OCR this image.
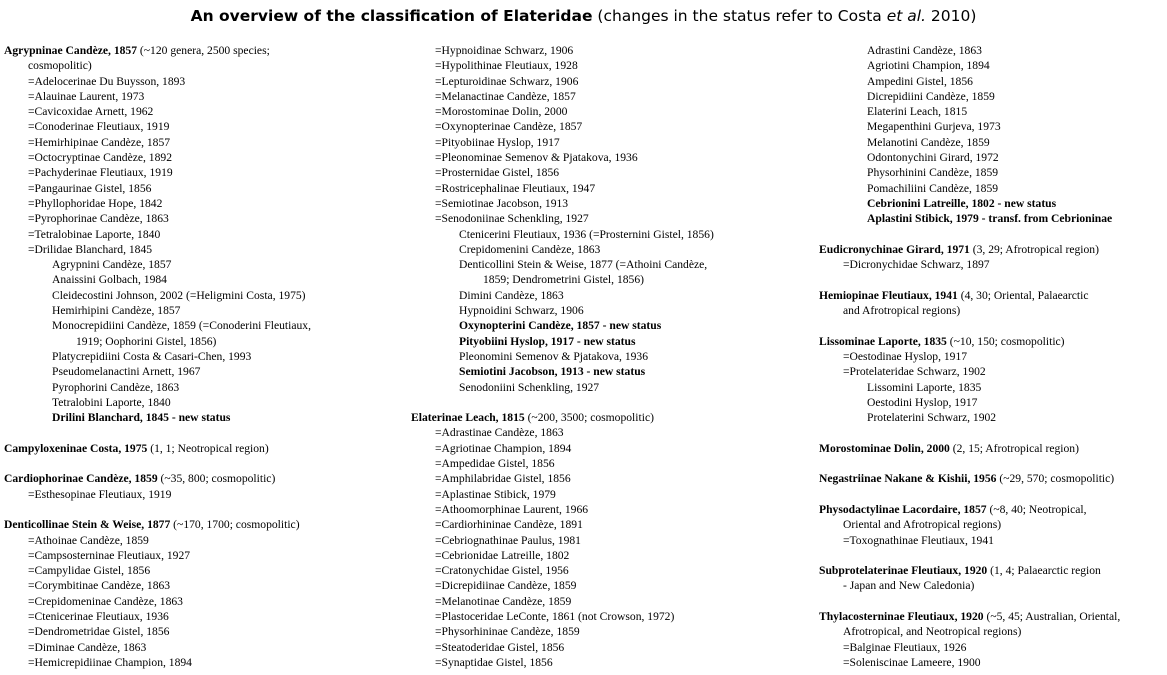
An overview of the classification of Elateridae (changes in the status refer to Costa et al. 2010)
Agrypninae Candèze, 1857 (~120 genera, 2500 species;
cosmopolitic)
=Adelocerinae Du Buysson, 1893
=Alauinae Laurent, 1973
=Cavicoxidae Arnett, 1962
=Conoderinae Fleutiaux, 1919
=Hemirhipinae Candèze, 1857
=Octocryptinae Candèze, 1892
=Pachyderinae Fleutiaux, 1919
=Pangaurinae Gistel, 1856
=Phyllophoridae Hope, 1842
=Pyrophorinae Candèze, 1863
=Tetralobinae Laporte, 1840
=Drilidae Blanchard, 1845
Agrypnini Candèze, 1857
Anaissini Golbach, 1984
Cleidecostini Johnson, 2002 (=Heligmini Costa, 1975)
Hemirhipini Candèze, 1857
Monocrepidiini Candèze, 1859 (=Conoderini Fleutiaux,
1919; Oophorini Gistel, 1856)
Platycrepidiini Costa & Casari-Chen, 1993
Pseudomelanactini Arnett, 1967
Pyrophorini Candèze, 1863
Tetralobini Laporte, 1840
Drilini Blanchard, 1845 - new status
Campyloxeninae Costa, 1975 (1, 1; Neotropical region)
Cardiophorinae Candèze, 1859 (~35, 800; cosmopolitic)
=Esthesopinae Fleutiaux, 1919
Denticollinae Stein & Weise, 1877 (~170, 1700; cosmopolitic)
=Athoinae Candèze, 1859
=Campsosterninae Fleutiaux, 1927
=Campylidae Gistel, 1856
=Corymbitinae Candèze, 1863
=Crepidomeninae Candèze, 1863
=Ctenicerinae Fleutiaux, 1936
=Dendrometridae Gistel, 1856
=Diminae Candèze, 1863
=Hemicrepidiinae Champion, 1894
=Hypnoidinae Schwarz, 1906
=Hypolithinae Fleutiaux, 1928
=Lepturoidinae Schwarz, 1906
=Melanactinae Candèze, 1857
=Morostominae Dolin, 2000
=Oxynopterinae Candèze, 1857
=Pityobiinae Hyslop, 1917
=Pleonominae Semenov & Pjatakova, 1936
=Prosternidae Gistel, 1856
=Rostricephalinae Fleutiaux, 1947
=Semiotinae Jacobson, 1913
=Senodoniinae Schenkling, 1927
Ctenicerini Fleutiaux, 1936 (=Prosternini Gistel, 1856)
Crepidomenini Candèze, 1863
Denticollini Stein & Weise, 1877 (=Athoini Candèze,
1859; Dendrometrini Gistel, 1856)
Dimini Candèze, 1863
Hypnoidini Schwarz, 1906
Oxynopterini Candèze, 1857 - new status
Pityobiini Hyslop, 1917 - new status
Pleonomini Semenov & Pjatakova, 1936
Semiotini Jacobson, 1913 - new status
Senodoniini Schenkling, 1927
Elaterinae Leach, 1815 (~200, 3500; cosmopolitic)
=Adrastinae Candèze, 1863
=Agriotinae Champion, 1894
=Ampedidae Gistel, 1856
=Amphilabridae Gistel, 1856
=Aplastinae Stibick, 1979
=Athoomorphinae Laurent, 1966
=Cardiorhininae Candèze, 1891
=Cebriognathinae Paulus, 1981
=Cebrionidae Latreille, 1802
=Cratonychidae Gistel, 1956
=Dicrepidiinae Candèze, 1859
=Melanotinae Candèze, 1859
=Plastoceridae LeConte, 1861 (not Crowson, 1972)
=Physorhininae Candèze, 1859
=Steatoderidae Gistel, 1856
=Synaptidae Gistel, 1856
Adrastini Candèze, 1863
Agriotini Champion, 1894
Ampedini Gistel, 1856
Dicrepidiini Candèze, 1859
Elaterini Leach, 1815
Megapenthini Gurjeva, 1973
Melanotini Candèze, 1859
Odontonychini Girard, 1972
Physorhinini Candèze, 1859
Pomachiliini Candèze, 1859
Cebrionini Latreille, 1802 - new status
Aplastini Stibick, 1979 - transf. from Cebrioninae
Eudicronychinae Girard, 1971 (3, 29; Afrotropical region)
=Dicronychidae Schwarz, 1897
Hemiopinae Fleutiaux, 1941 (4, 30; Oriental, Palaearctic
and Afrotropical regions)
Lissominae Laporte, 1835 (~10, 150; cosmopolitic)
=Oestodinae Hyslop, 1917
=Protelateridae Schwarz, 1902
Lissomini Laporte, 1835
Oestodini Hyslop, 1917
Protelaterini Schwarz, 1902
Morostominae Dolin, 2000 (2, 15; Afrotropical region)
Negastriinae Nakane & Kishii, 1956 (~29, 570; cosmopolitic)
Physodactylinae Lacordaire, 1857 (~8, 40; Neotropical,
Oriental and Afrotropical regions)
=Toxognathinae Fleutiaux, 1941
Subprotelaterinae Fleutiaux, 1920 (1, 4; Palaearctic region
- Japan and New Caledonia)
Thylacosterninae Fleutiaux, 1920 (~5, 45; Australian, Oriental,
Afrotropical, and Neotropical regions)
=Balginae Fleutiaux, 1926
=Soleniscinae Lameere, 1900
